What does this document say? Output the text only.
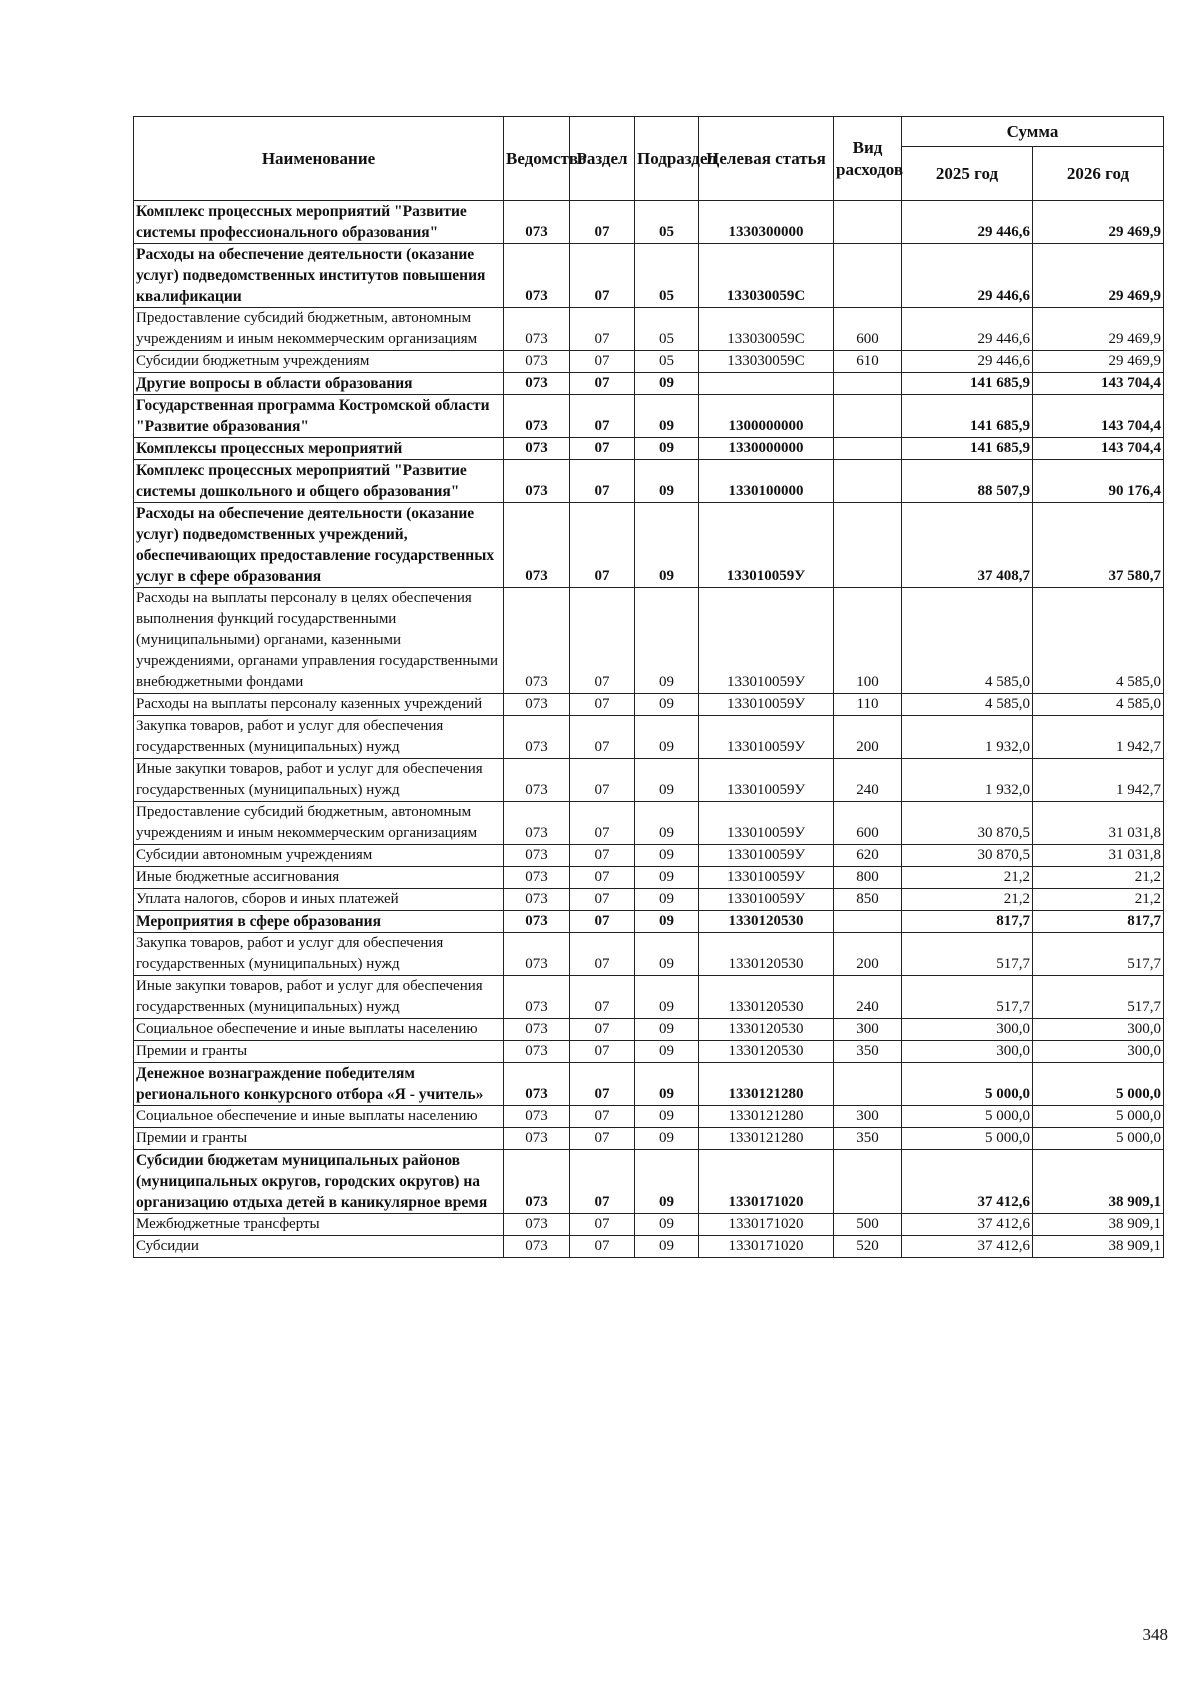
Наименование	Ведомство	Раздел	Подраздел	Целевая статья	Вид расходов	Сумма	
						2025 год	2026 год
Комплекс процессных мероприятий "Развитие системы профессионального образования"	073	07	05	1330300000		29 446,6	29 469,9
Расходы на обеспечение деятельности (оказание услуг) подведомственных институтов повышения квалификации	073	07	05	133030059С		29 446,6	29 469,9
Предоставление субсидий бюджетным, автономным учреждениям и иным некоммерческим организациям	073	07	05	133030059С	600	29 446,6	29 469,9
Субсидии бюджетным учреждениям	073	07	05	133030059С	610	29 446,6	29 469,9
Другие вопросы в области образования	073	07	09			141 685,9	143 704,4
Государственная программа Костромской области "Развитие образования"	073	07	09	1300000000		141 685,9	143 704,4
Комплексы процессных мероприятий	073	07	09	1330000000		141 685,9	143 704,4
Комплекс процессных мероприятий "Развитие системы дошкольного и общего образования"	073	07	09	1330100000		88 507,9	90 176,4
Расходы на обеспечение деятельности (оказание услуг) подведомственных учреждений, обеспечивающих предоставление государственных услуг в сфере образования	073	07	09	133010059У		37 408,7	37 580,7
Расходы на выплаты персоналу в целях обеспечения выполнения функций государственными (муниципальными) органами, казенными учреждениями, органами управления государственными внебюджетными фондами	073	07	09	133010059У	100	4 585,0	4 585,0
Расходы на выплаты персоналу казенных учреждений	073	07	09	133010059У	110	4 585,0	4 585,0
Закупка товаров, работ и услуг для обеспечения государственных (муниципальных) нужд	073	07	09	133010059У	200	1 932,0	1 942,7
Иные закупки товаров, работ и услуг для обеспечения государственных (муниципальных) нужд	073	07	09	133010059У	240	1 932,0	1 942,7
Предоставление субсидий бюджетным, автономным учреждениям и иным некоммерческим организациям	073	07	09	133010059У	600	30 870,5	31 031,8
Субсидии автономным учреждениям	073	07	09	133010059У	620	30 870,5	31 031,8
Иные бюджетные ассигнования	073	07	09	133010059У	800	21,2	21,2
Уплата налогов, сборов и иных платежей	073	07	09	133010059У	850	21,2	21,2
Мероприятия в сфере образования	073	07	09	1330120530		817,7	817,7
Закупка товаров, работ и услуг для обеспечения государственных (муниципальных) нужд	073	07	09	1330120530	200	517,7	517,7
Иные закупки товаров, работ и услуг для обеспечения государственных (муниципальных) нужд	073	07	09	1330120530	240	517,7	517,7
Социальное обеспечение и иные выплаты населению	073	07	09	1330120530	300	300,0	300,0
Премии и гранты	073	07	09	1330120530	350	300,0	300,0
Денежное вознаграждение победителям регионального конкурсного отбора «Я - учитель»	073	07	09	1330121280		5 000,0	5 000,0
Социальное обеспечение и иные выплаты населению	073	07	09	1330121280	300	5 000,0	5 000,0
Премии и гранты	073	07	09	1330121280	350	5 000,0	5 000,0
Субсидии бюджетам муниципальных районов (муниципальных округов, городских округов) на организацию отдыха детей в каникулярное время	073	07	09	1330171020		37 412,6	38 909,1
Межбюджетные трансферты	073	07	09	1330171020	500	37 412,6	38 909,1
Субсидии	073	07	09	1330171020	520	37 412,6	38 909,1
348
